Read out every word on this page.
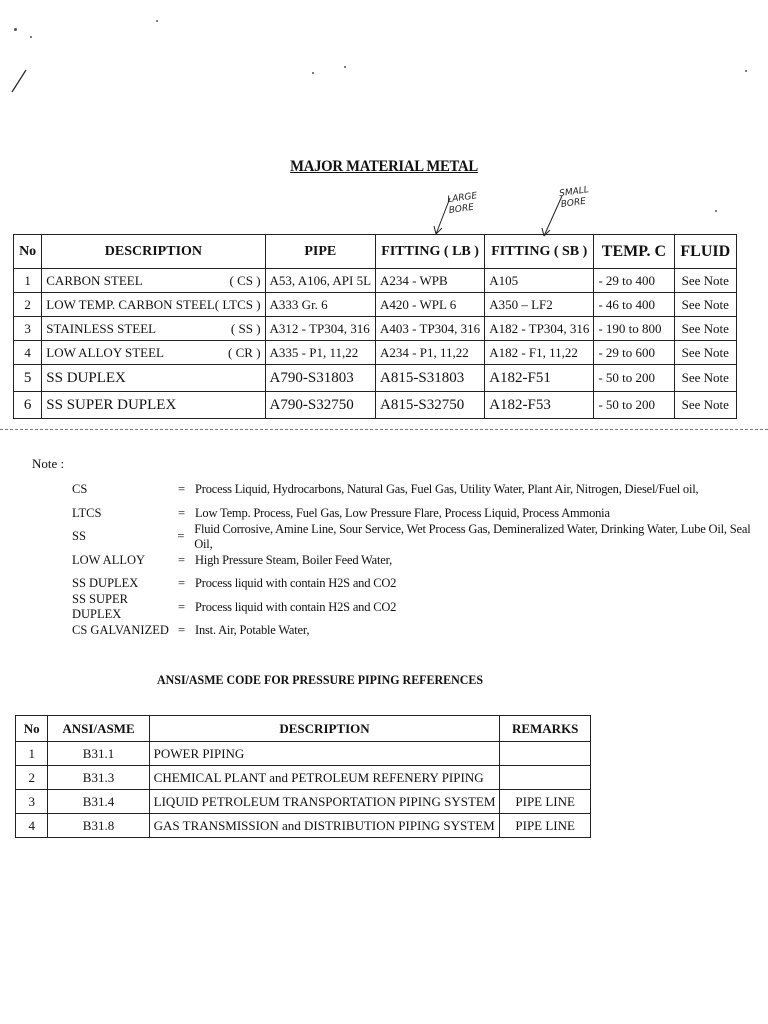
MAJOR MATERIAL METAL
LARGE BORE
SMALL BORE
No	DESCRIPTION	PIPE	FITTING ( LB )	FITTING ( SB )	TEMP. C	FLUID
1	CARBON STEEL ( CS )	A53, A106, API 5L	A234 - WPB	A105	- 29 to 400	See Note
2	LOW TEMP. CARBON STEEL ( LTCS )	A333 Gr. 6	A420 - WPL 6	A350 – LF2	- 46 to 400	See Note
3	STAINLESS STEEL ( SS )	A312 - TP304, 316	A403 - TP304, 316	A182 - TP304, 316	- 190 to 800	See Note
4	LOW ALLOY STEEL ( CR )	A335 - P1, 11,22	A234 - P1, 11,22	A182 - F1, 11,22	- 29 to 600	See Note
5	SS DUPLEX	A790-S31803	A815-S31803	A182-F51	- 50 to 200	See Note
6	SS SUPER DUPLEX	A790-S32750	A815-S32750	A182-F53	- 50 to 200	See Note
Note :
CS	= Process Liquid, Hydrocarbons, Natural Gas, Fuel Gas, Utility Water, Plant Air, Nitrogen, Diesel/Fuel oil,
LTCS	= Low Temp. Process, Fuel Gas, Low Pressure Flare, Process Liquid, Process Ammonia
SS	=
Fluid Corrosive, Amine Line, Sour Service, Wet Process Gas, Demineralized Water, Drinking Water, Lube Oil, Seal Oil,
LOW ALLOY	= High Pressure Steam, Boiler Feed Water,
SS DUPLEX	= Process liquid with contain H2S and CO2
SS SUPER DUPLEX
= Process liquid with contain H2S and CO2
CS GALVANIZED = Inst. Air, Potable Water,
ANSI/ASME CODE FOR PRESSURE PIPING REFERENCES
No	ANSI/ASME	DESCRIPTION	REMARKS
1	B31.1	POWER PIPING	
2	B31.3	CHEMICAL PLANT and PETROLEUM REFENERY PIPING	
3	B31.4	LIQUID PETROLEUM TRANSPORTATION PIPING SYSTEM	PIPE LINE
4	B31.8	GAS TRANSMISSION and DISTRIBUTION PIPING SYSTEM	PIPE LINE
